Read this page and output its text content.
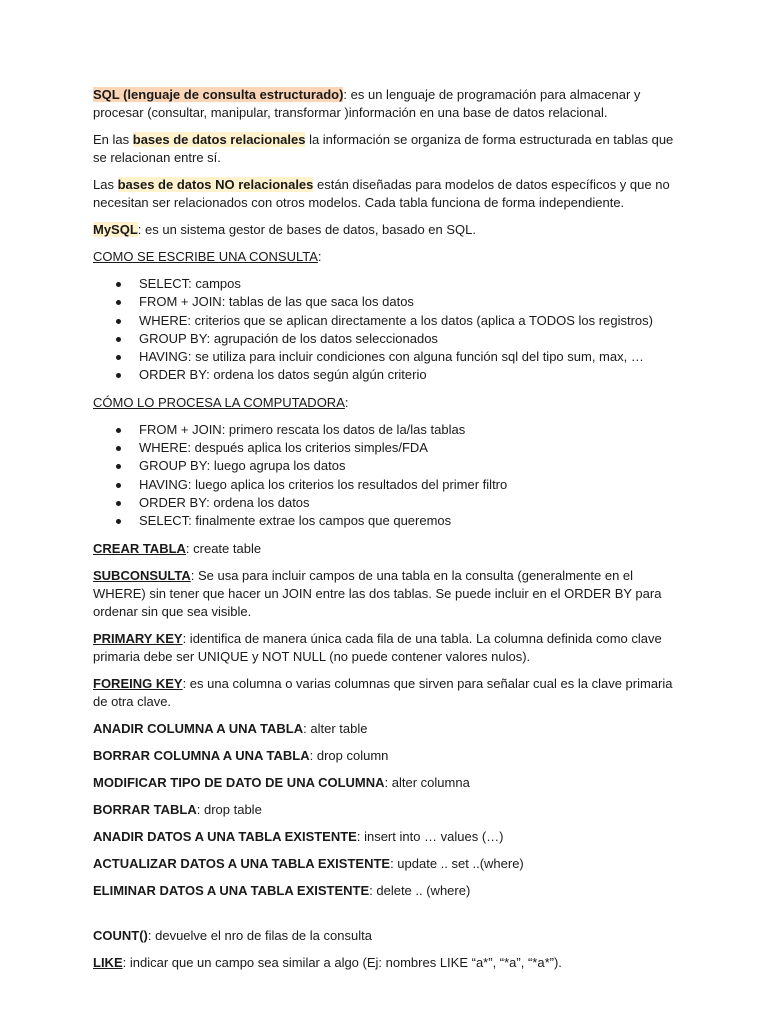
SQL (lenguaje de consulta estructurado): es un lenguaje de programación para almacenar y procesar (consultar, manipular, transformar )información en una base de datos relacional.

En las bases de datos relacionales la información se organiza de forma estructurada en tablas que se relacionan entre sí.

Las bases de datos NO relacionales están diseñadas para modelos de datos específicos y que no necesitan ser relacionados con otros modelos. Cada tabla funciona de forma independiente.

MySQL: es un sistema gestor de bases de datos, basado en SQL.

COMO SE ESCRIBE UNA CONSULTA:

SELECT: campos
FROM + JOIN: tablas de las que saca los datos
WHERE: criterios que se aplican directamente a los datos (aplica a TODOS los registros)
GROUP BY: agrupación de los datos seleccionados
HAVING: se utiliza para incluir condiciones con alguna función sql del tipo sum, max, …
ORDER BY: ordena los datos según algún criterio

CÓMO LO PROCESA LA COMPUTADORA:

FROM + JOIN: primero rescata los datos de la/las tablas
WHERE: después aplica los criterios simples/FDA
GROUP BY: luego agrupa los datos
HAVING: luego aplica los criterios los resultados del primer filtro
ORDER BY: ordena los datos
SELECT: finalmente extrae los campos que queremos

CREAR TABLA: create table

SUBCONSULTA: Se usa para incluir campos de una tabla en la consulta (generalmente en el WHERE) sin tener que hacer un JOIN entre las dos tablas. Se puede incluir en el ORDER BY para ordenar sin que sea visible.

PRIMARY KEY: identifica de manera única cada fila de una tabla. La columna definida como clave primaria debe ser UNIQUE y NOT NULL (no puede contener valores nulos).

FOREING KEY: es una columna o varias columnas que sirven para señalar cual es la clave primaria de otra clave.

ANADIR COLUMNA A UNA TABLA: alter table

BORRAR COLUMNA A UNA TABLA: drop column

MODIFICAR TIPO DE DATO DE UNA COLUMNA: alter columna

BORRAR TABLA: drop table

ANADIR DATOS A UNA TABLA EXISTENTE: insert into … values (…)

ACTUALIZAR DATOS A UNA TABLA EXISTENTE: update .. set ..(where)

ELIMINAR DATOS A UNA TABLA EXISTENTE: delete .. (where)

COUNT(): devuelve el nro de filas de la consulta

LIKE: indicar que un campo sea similar a algo (Ej: nombres LIKE “a*”, “*a”, “*a*”).
